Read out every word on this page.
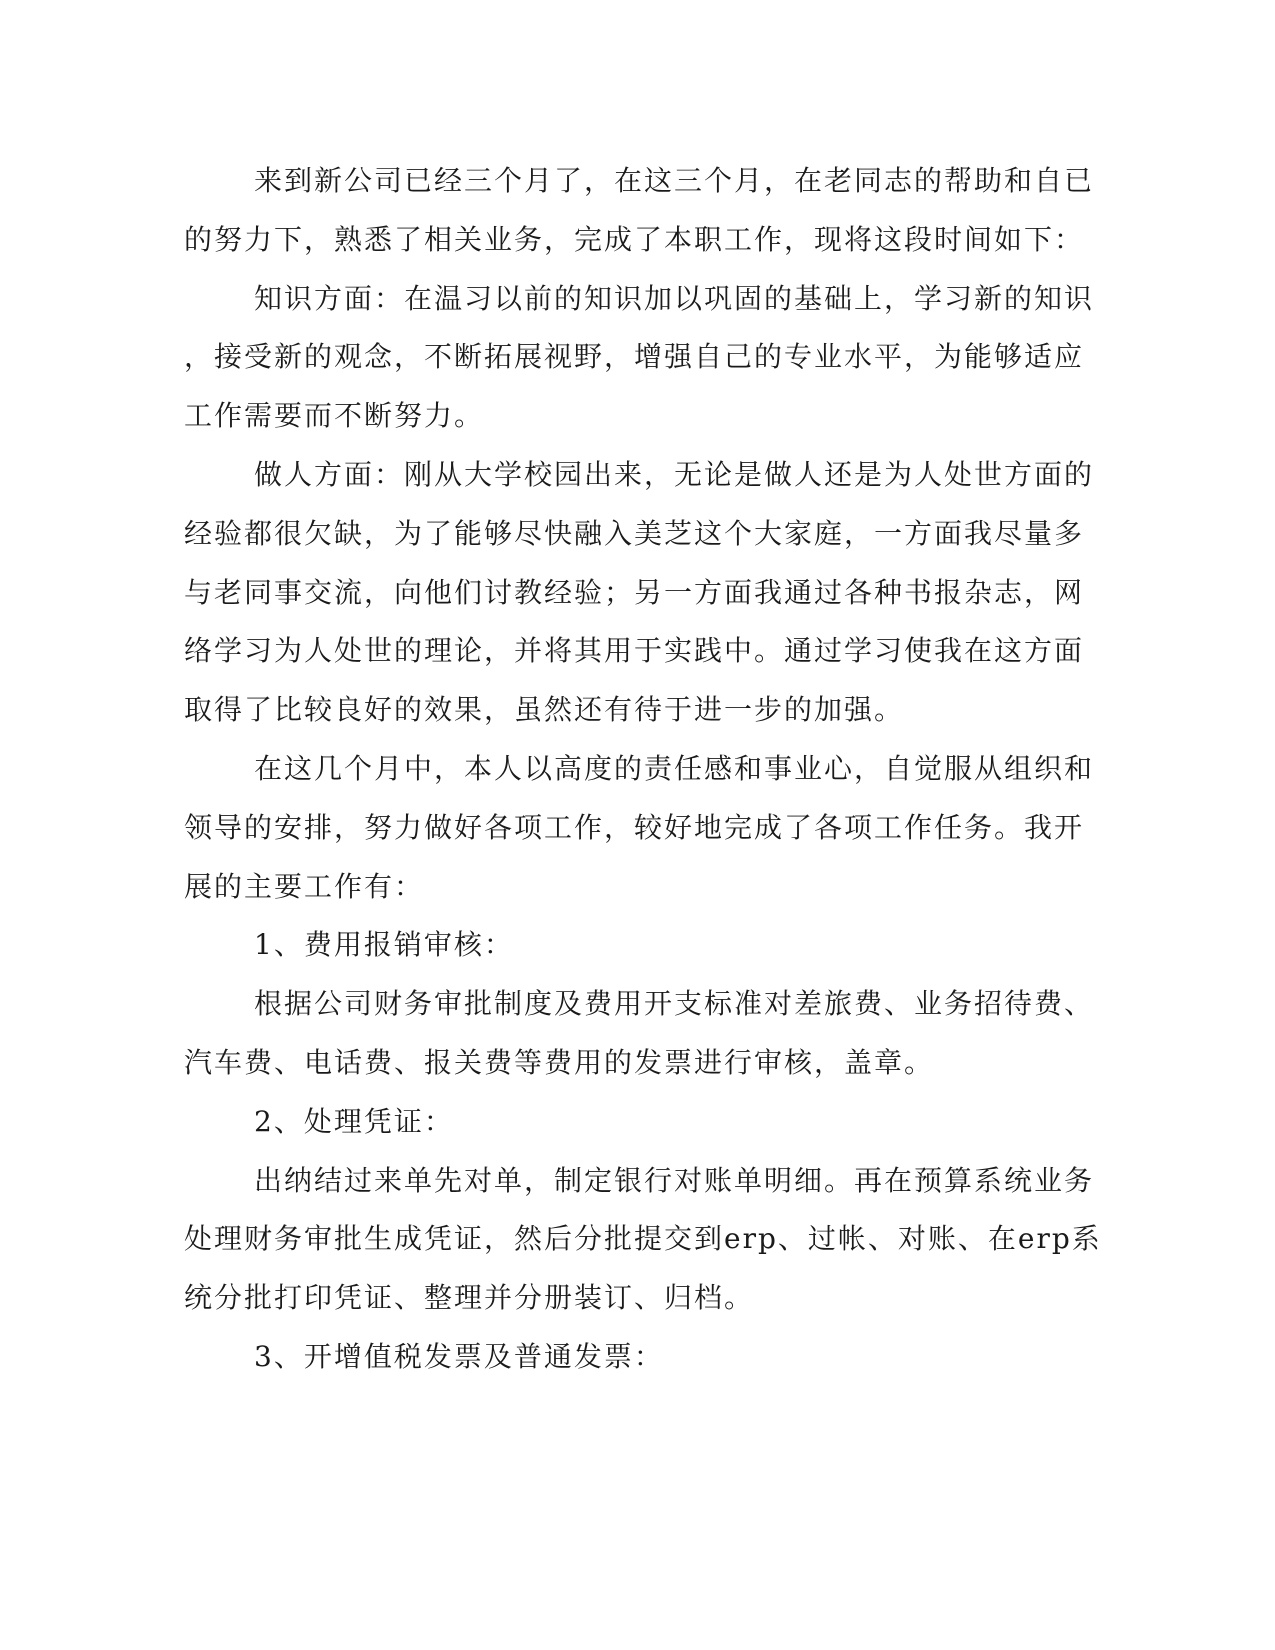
来到新公司已经三个月了，在这三个月，在老同志的帮助和自已
的努力下，熟悉了相关业务，完成了本职工作，现将这段时间如下：
知识方面：在温习以前的知识加以巩固的基础上，学习新的知识
，接受新的观念，不断拓展视野，增强自己的专业水平，为能够适应
工作需要而不断努力。
做人方面：刚从大学校园出来，无论是做人还是为人处世方面的
经验都很欠缺，为了能够尽快融入美芝这个大家庭，一方面我尽量多
与老同事交流，向他们讨教经验；另一方面我通过各种书报杂志，网
络学习为人处世的理论，并将其用于实践中。通过学习使我在这方面
取得了比较良好的效果，虽然还有待于进一步的加强。
在这几个月中，本人以高度的责任感和事业心，自觉服从组织和
领导的安排，努力做好各项工作，较好地完成了各项工作任务。我开
展的主要工作有：
1、费用报销审核：
根据公司财务审批制度及费用开支标准对差旅费、业务招待费、
汽车费、电话费、报关费等费用的发票进行审核，盖章。
2、处理凭证：
出纳结过来单先对单，制定银行对账单明细。再在预算系统业务
处理财务审批生成凭证，然后分批提交到erp、过帐、对账、在erp系
统分批打印凭证、整理并分册装订、归档。
3、开增值税发票及普通发票：
